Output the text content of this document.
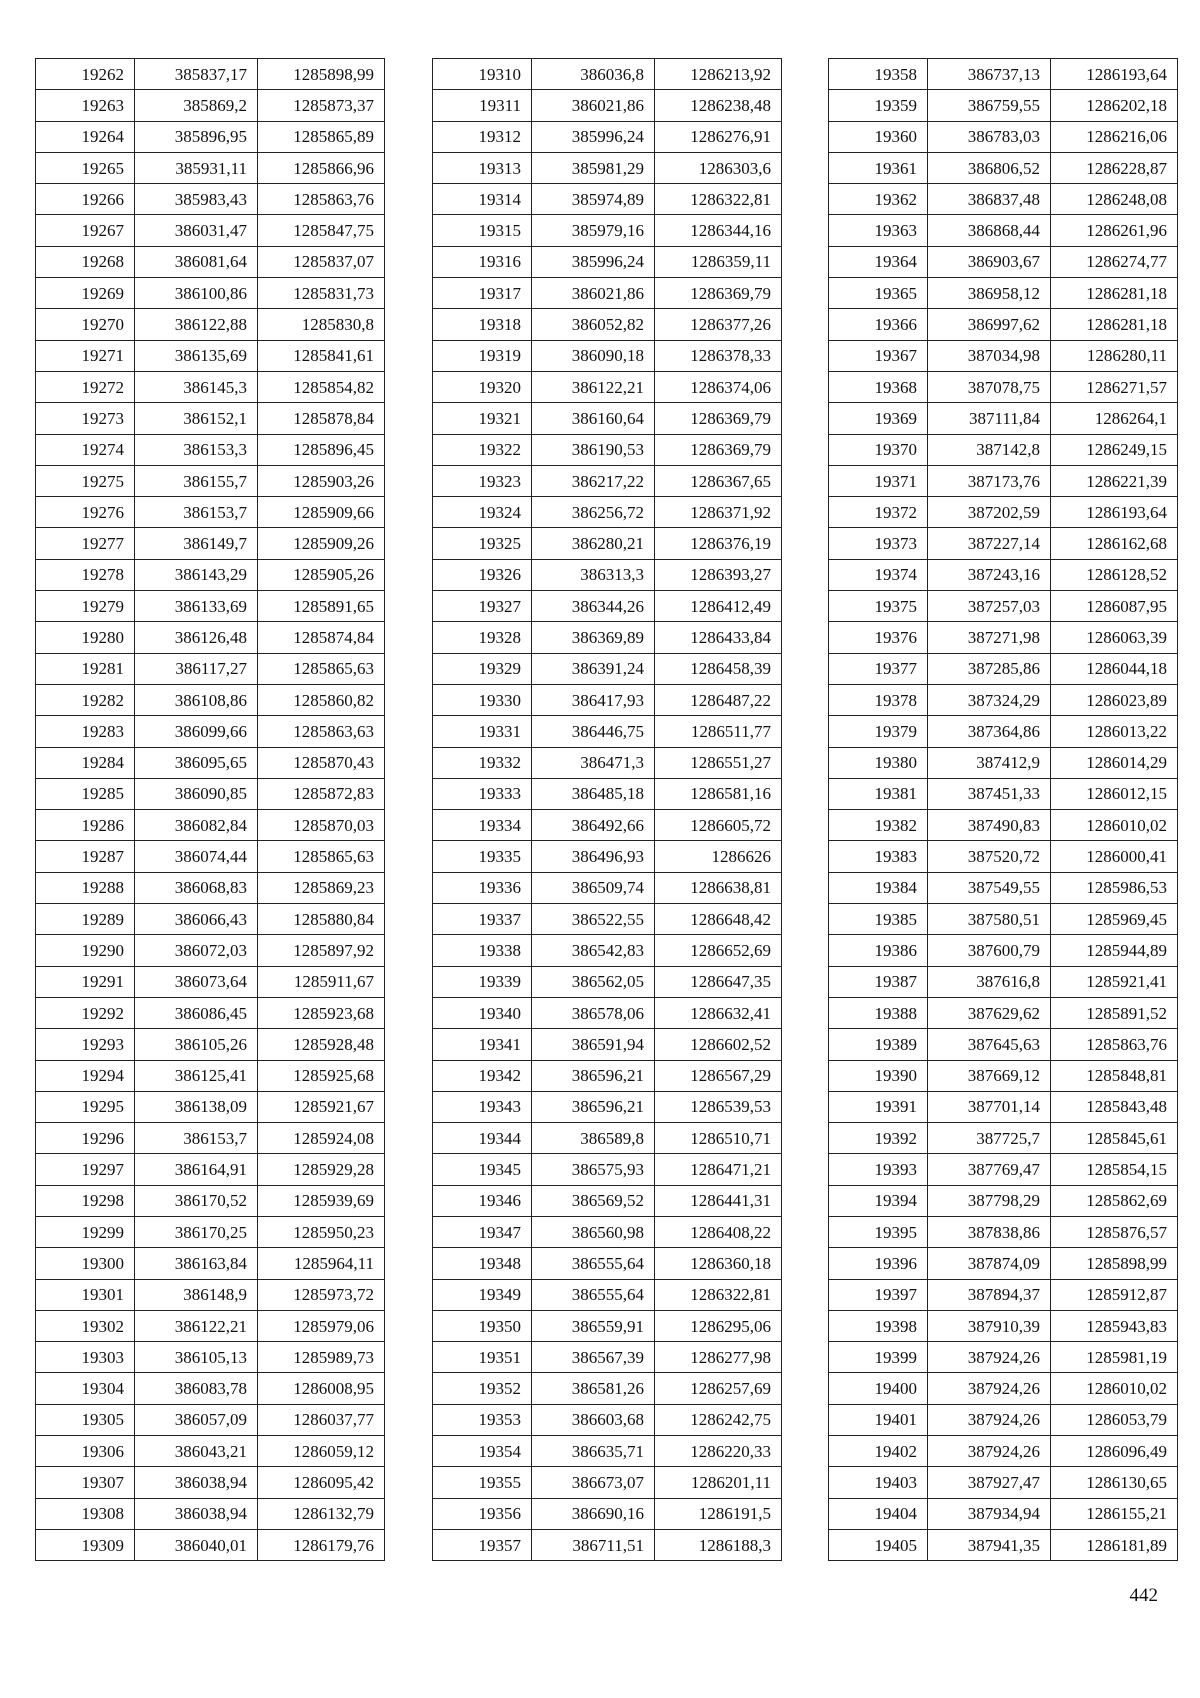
19262	385837,17	1285898,99
19263	385869,2	1285873,37
19264	385896,95	1285865,89
19265	385931,11	1285866,96
19266	385983,43	1285863,76
19267	386031,47	1285847,75
19268	386081,64	1285837,07
19269	386100,86	1285831,73
19270	386122,88	1285830,8
19271	386135,69	1285841,61
19272	386145,3	1285854,82
19273	386152,1	1285878,84
19274	386153,3	1285896,45
19275	386155,7	1285903,26
19276	386153,7	1285909,66
19277	386149,7	1285909,26
19278	386143,29	1285905,26
19279	386133,69	1285891,65
19280	386126,48	1285874,84
19281	386117,27	1285865,63
19282	386108,86	1285860,82
19283	386099,66	1285863,63
19284	386095,65	1285870,43
19285	386090,85	1285872,83
19286	386082,84	1285870,03
19287	386074,44	1285865,63
19288	386068,83	1285869,23
19289	386066,43	1285880,84
19290	386072,03	1285897,92
19291	386073,64	1285911,67
19292	386086,45	1285923,68
19293	386105,26	1285928,48
19294	386125,41	1285925,68
19295	386138,09	1285921,67
19296	386153,7	1285924,08
19297	386164,91	1285929,28
19298	386170,52	1285939,69
19299	386170,25	1285950,23
19300	386163,84	1285964,11
19301	386148,9	1285973,72
19302	386122,21	1285979,06
19303	386105,13	1285989,73
19304	386083,78	1286008,95
19305	386057,09	1286037,77
19306	386043,21	1286059,12
19307	386038,94	1286095,42
19308	386038,94	1286132,79
19309	386040,01	1286179,76
19310	386036,8	1286213,92
19311	386021,86	1286238,48
19312	385996,24	1286276,91
19313	385981,29	1286303,6
19314	385974,89	1286322,81
19315	385979,16	1286344,16
19316	385996,24	1286359,11
19317	386021,86	1286369,79
19318	386052,82	1286377,26
19319	386090,18	1286378,33
19320	386122,21	1286374,06
19321	386160,64	1286369,79
19322	386190,53	1286369,79
19323	386217,22	1286367,65
19324	386256,72	1286371,92
19325	386280,21	1286376,19
19326	386313,3	1286393,27
19327	386344,26	1286412,49
19328	386369,89	1286433,84
19329	386391,24	1286458,39
19330	386417,93	1286487,22
19331	386446,75	1286511,77
19332	386471,3	1286551,27
19333	386485,18	1286581,16
19334	386492,66	1286605,72
19335	386496,93	1286626
19336	386509,74	1286638,81
19337	386522,55	1286648,42
19338	386542,83	1286652,69
19339	386562,05	1286647,35
19340	386578,06	1286632,41
19341	386591,94	1286602,52
19342	386596,21	1286567,29
19343	386596,21	1286539,53
19344	386589,8	1286510,71
19345	386575,93	1286471,21
19346	386569,52	1286441,31
19347	386560,98	1286408,22
19348	386555,64	1286360,18
19349	386555,64	1286322,81
19350	386559,91	1286295,06
19351	386567,39	1286277,98
19352	386581,26	1286257,69
19353	386603,68	1286242,75
19354	386635,71	1286220,33
19355	386673,07	1286201,11
19356	386690,16	1286191,5
19357	386711,51	1286188,3
19358	386737,13	1286193,64
19359	386759,55	1286202,18
19360	386783,03	1286216,06
19361	386806,52	1286228,87
19362	386837,48	1286248,08
19363	386868,44	1286261,96
19364	386903,67	1286274,77
19365	386958,12	1286281,18
19366	386997,62	1286281,18
19367	387034,98	1286280,11
19368	387078,75	1286271,57
19369	387111,84	1286264,1
19370	387142,8	1286249,15
19371	387173,76	1286221,39
19372	387202,59	1286193,64
19373	387227,14	1286162,68
19374	387243,16	1286128,52
19375	387257,03	1286087,95
19376	387271,98	1286063,39
19377	387285,86	1286044,18
19378	387324,29	1286023,89
19379	387364,86	1286013,22
19380	387412,9	1286014,29
19381	387451,33	1286012,15
19382	387490,83	1286010,02
19383	387520,72	1286000,41
19384	387549,55	1285986,53
19385	387580,51	1285969,45
19386	387600,79	1285944,89
19387	387616,8	1285921,41
19388	387629,62	1285891,52
19389	387645,63	1285863,76
19390	387669,12	1285848,81
19391	387701,14	1285843,48
19392	387725,7	1285845,61
19393	387769,47	1285854,15
19394	387798,29	1285862,69
19395	387838,86	1285876,57
19396	387874,09	1285898,99
19397	387894,37	1285912,87
19398	387910,39	1285943,83
19399	387924,26	1285981,19
19400	387924,26	1286010,02
19401	387924,26	1286053,79
19402	387924,26	1286096,49
19403	387927,47	1286130,65
19404	387934,94	1286155,21
19405	387941,35	1286181,89
442
